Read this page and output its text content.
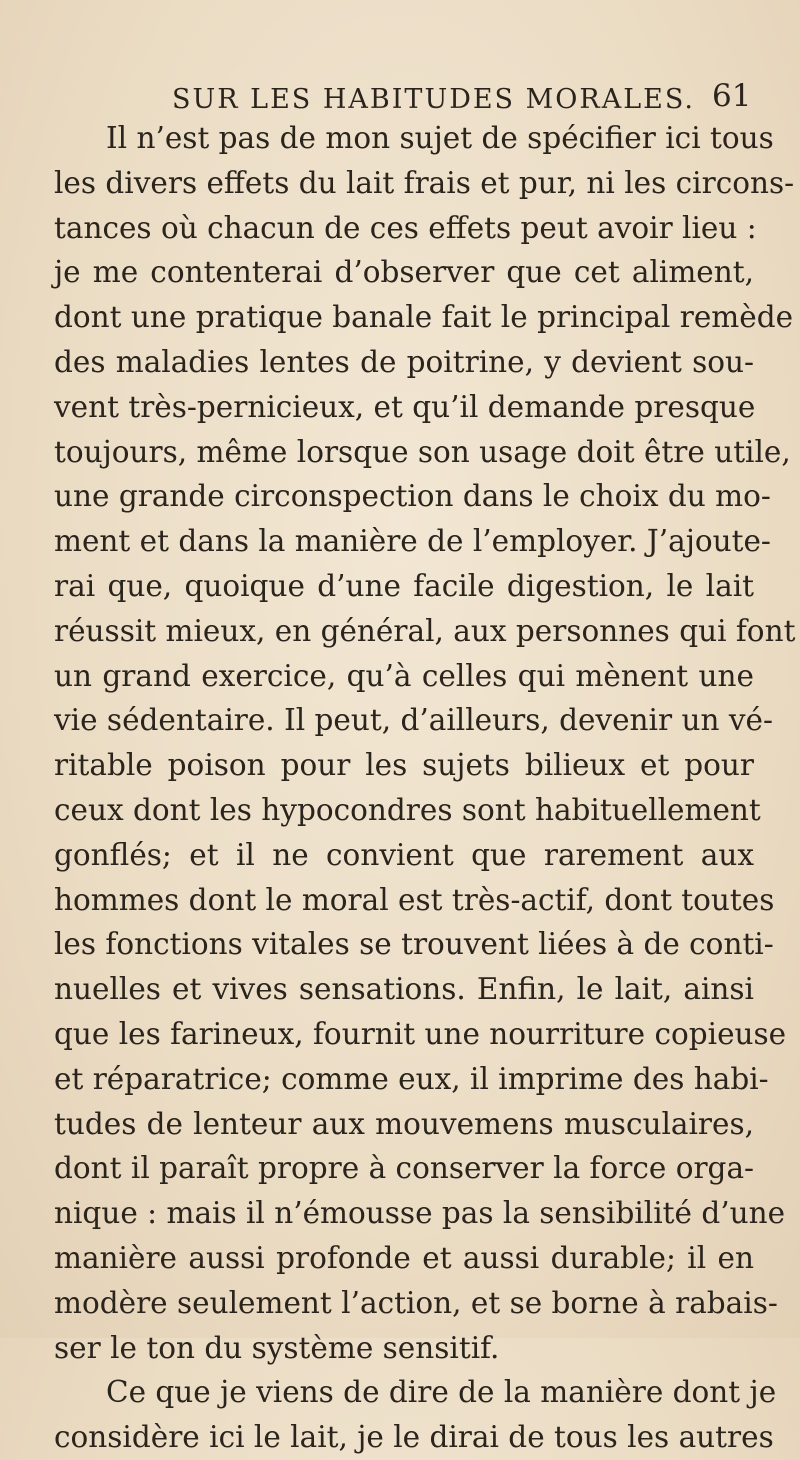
SUR LES HABITUDES MORALES. 61
Il n’est pas de mon sujet de spécifier ici tous
les divers effets du lait frais et pur, ni les circons-
tances où chacun de ces effets peut avoir lieu :
je me contenterai d’observer que cet aliment,
dont une pratique banale fait le principal remède
des maladies lentes de poitrine, y devient sou-
vent très-pernicieux, et qu’il demande presque
toujours, même lorsque son usage doit être utile,
une grande circonspection dans le choix du mo-
ment et dans la manière de l’employer. J’ajoute-
rai que, quoique d’une facile digestion, le lait
réussit mieux, en général, aux personnes qui font
un grand exercice, qu’à celles qui mènent une
vie sédentaire. Il peut, d’ailleurs, devenir un vé-
ritable poison pour les sujets bilieux et pour
ceux dont les hypocondres sont habituellement
gonflés; et il ne convient que rarement aux
hommes dont le moral est très-actif, dont toutes
les fonctions vitales se trouvent liées à de conti-
nuelles et vives sensations. Enfin, le lait, ainsi
que les farineux, fournit une nourriture copieuse
et réparatrice; comme eux, il imprime des habi-
tudes de lenteur aux mouvemens musculaires,
dont il paraît propre à conserver la force orga-
nique : mais il n’émousse pas la sensibilité d’une
manière aussi profonde et aussi durable; il en
modère seulement l’action, et se borne à rabais-
ser le ton du système sensitif.
Ce que je viens de dire de la manière dont je
considère ici le lait, je le dirai de tous les autres
